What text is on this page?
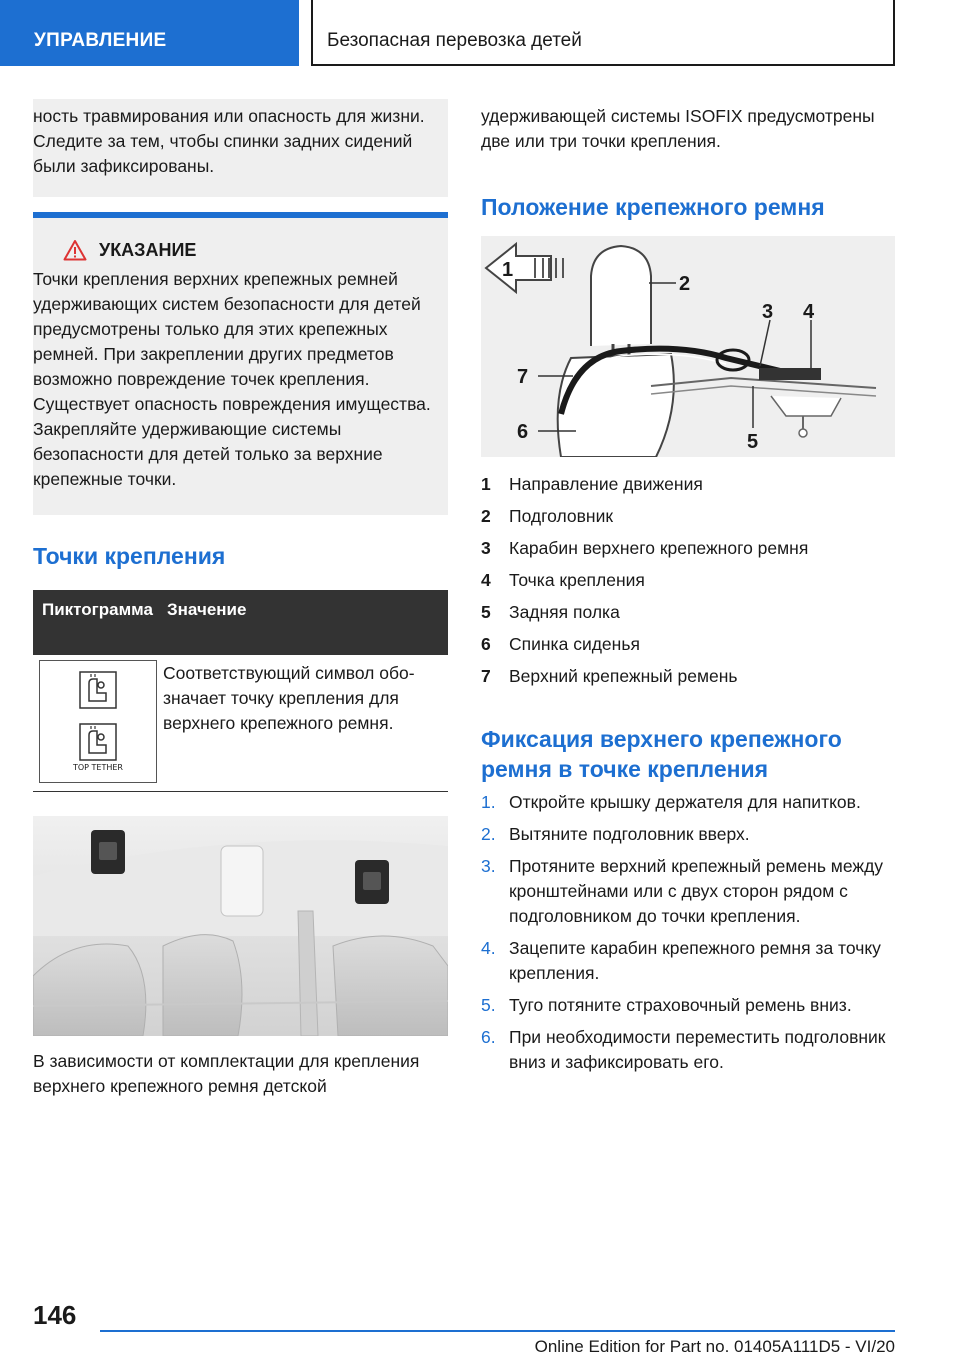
УПРАВЛЕНИЕ	Безопасная перевозка детей
ность травмирования или опасность для жизни. Следите за тем, чтобы спинки задних сидений были зафиксированы.
УКАЗАНИЕ
Точки крепления верхних крепежных ремней удерживающих систем безопасности для детей предусмотрены только для этих крепежных ремней. При закреплении других предметов возможно повреждение точек крепления. Существует опасность повреждения имущества. Закрепляйте удерживающие системы безопасности для детей только за верхние крепежные точки.
Точки крепления
Пиктограмма	Значение

TOP TETHER	Соответствующий символ обозначает точку крепления для верхнего крепежного ремня.
В зависимости от комплектации для крепления верхнего крепежного ремня детской
удерживающей системы ISOFIX предусмотрены две или три точки крепления.
Положение крепежного ремня
1
2
3 4
5
6
7
1	Направление движения
2	Подголовник
3	Карабин верхнего крепежного ремня
4	Точка крепления
5	Задняя полка
6	Спинка сиденья
7	Верхний крепежный ремень
Фиксация верхнего крепежного ремня в точке крепления
1. Откройте крышку держателя для напитков.
2. Вытяните подголовник вверх.
3. Протяните верхний крепежный ремень между кронштейнами или с двух сторон рядом с подголовником до точки крепления.
4. Зацепите карабин крепежного ремня за точку крепления.
5. Туго потяните страховочный ремень вниз.
6. При необходимости переместить подголовник вниз и зафиксировать его.
146
Online Edition for Part no. 01405A111D5 - VI/20
